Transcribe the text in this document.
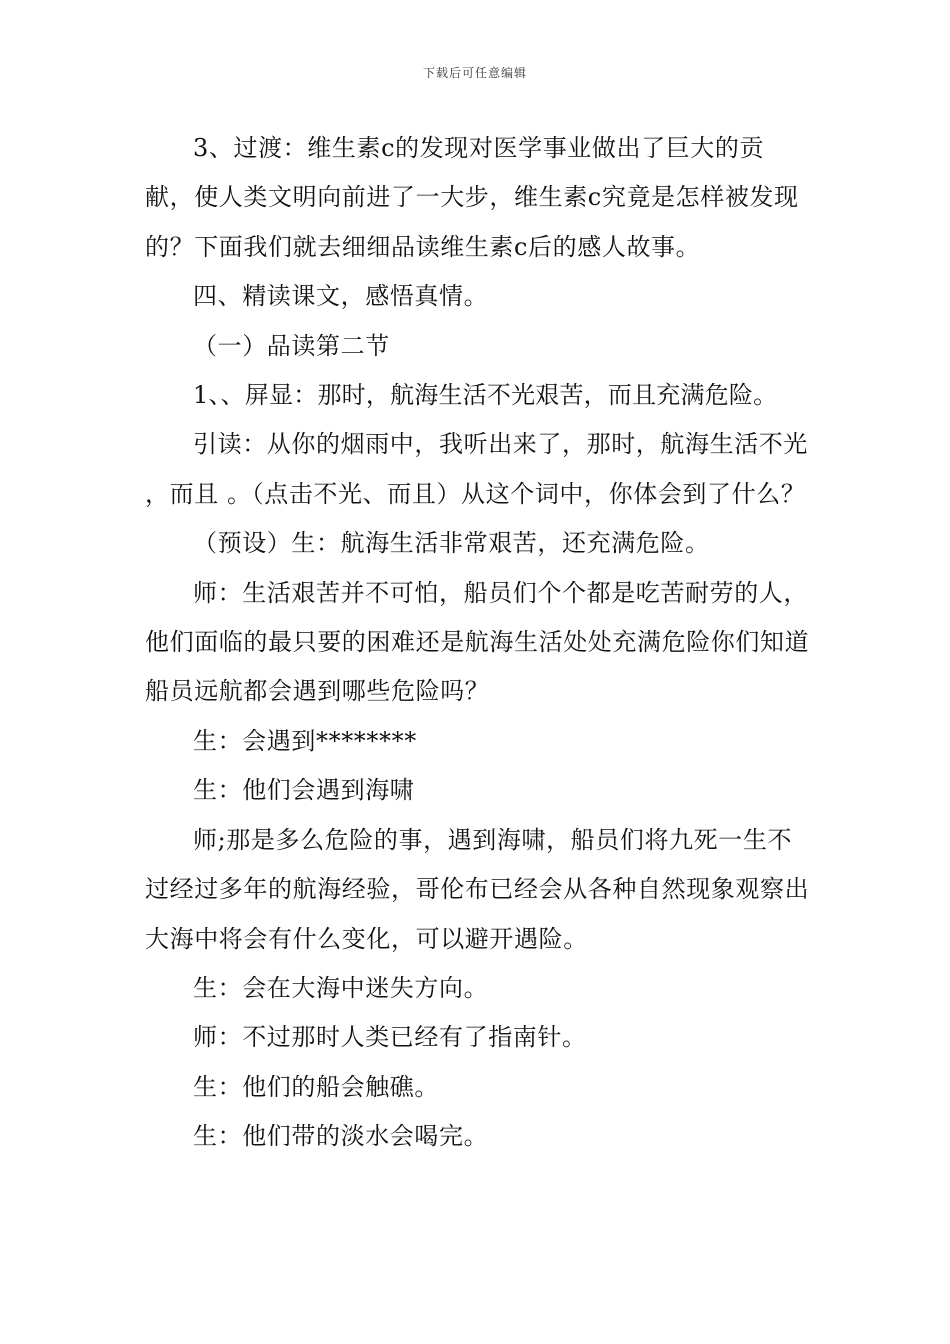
下载后可任意编辑

3、过渡：维生素c的发现对医学事业做出了巨大的贡献，使人类文明向前进了一大步，维生素c究竟是怎样被发现的？下面我们就去细细品读维生素c后的感人故事。

四、精读课文，感悟真情。

（一）品读第二节

1、、屏显：那时，航海生活不光艰苦，而且充满危险。

引读：从你的烟雨中，我听出来了，那时，航海生活不光 ，而且 。（点击不光、而且）从这个词中，你体会到了什么？

（预设）生：航海生活非常艰苦，还充满危险。

师：生活艰苦并不可怕，船员们个个都是吃苦耐劳的人，他们面临的最只要的困难还是航海生活处处充满危险你们知道船员远航都会遇到哪些危险吗？

生：会遇到********

生：他们会遇到海啸

师;那是多么危险的事，遇到海啸，船员们将九死一生不过经过多年的航海经验，哥伦布已经会从各种自然现象观察出大海中将会有什么变化，可以避开遇险。

生：会在大海中迷失方向。

师：不过那时人类已经有了指南针。

生：他们的船会触礁。

生：他们带的淡水会喝完。
